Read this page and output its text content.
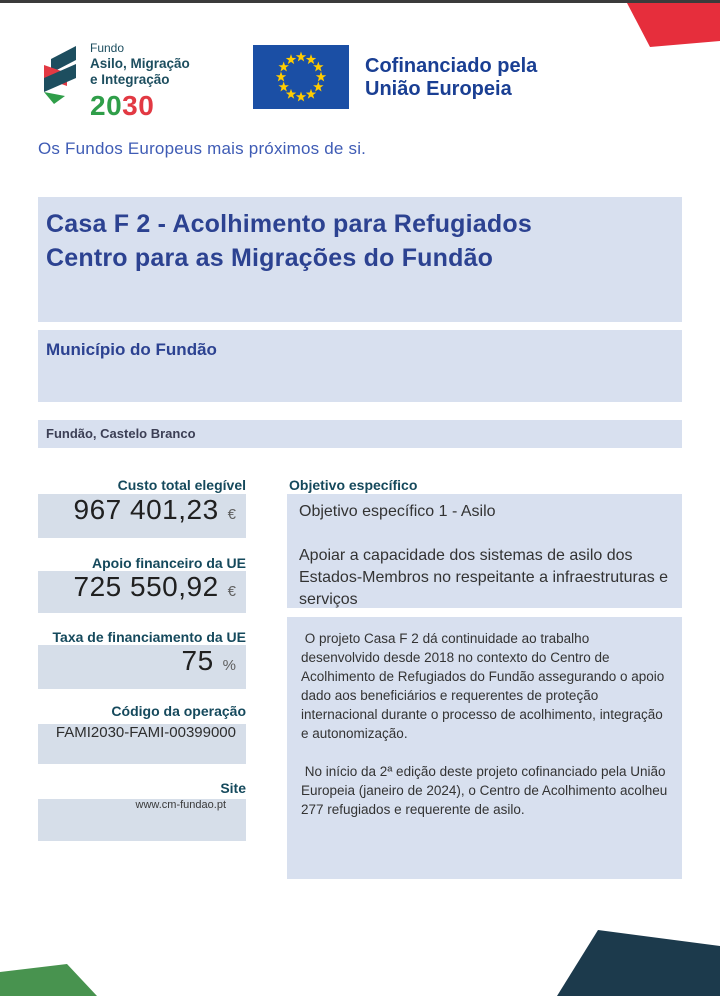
Fundo
Asilo, Migração
e Integração
2030
Cofinanciado pela
União Europeia
Os Fundos Europeus mais próximos de si.
Casa F 2 - Acolhimento para Refugiados
Centro para as Migrações do Fundão
Município do Fundão
Fundão, Castelo Branco
Custo total elegível
967 401,23 €
Apoio financeiro da UE
725 550,92 €
Taxa de financiamento da UE
75 %
Código da operação
FAMI2030-FAMI-00399000
Site
www.cm-fundao.pt
Objetivo específico
Objetivo específico 1 - Asilo
Apoiar a capacidade dos sistemas de asilo dos Estados-Membros no respeitante a infraestruturas e serviços
O projeto Casa F 2 dá continuidade ao trabalho desenvolvido desde 2018 no contexto do Centro de Acolhimento de Refugiados do Fundão assegurando o apoio dado aos beneficiários e requerentes de proteção internacional durante o processo de acolhimento, integração e autonomização.
No início da 2ª edição deste projeto cofinanciado pela União Europeia (janeiro de 2024), o Centro de Acolhimento acolheu 277 refugiados e requerente de asilo.
